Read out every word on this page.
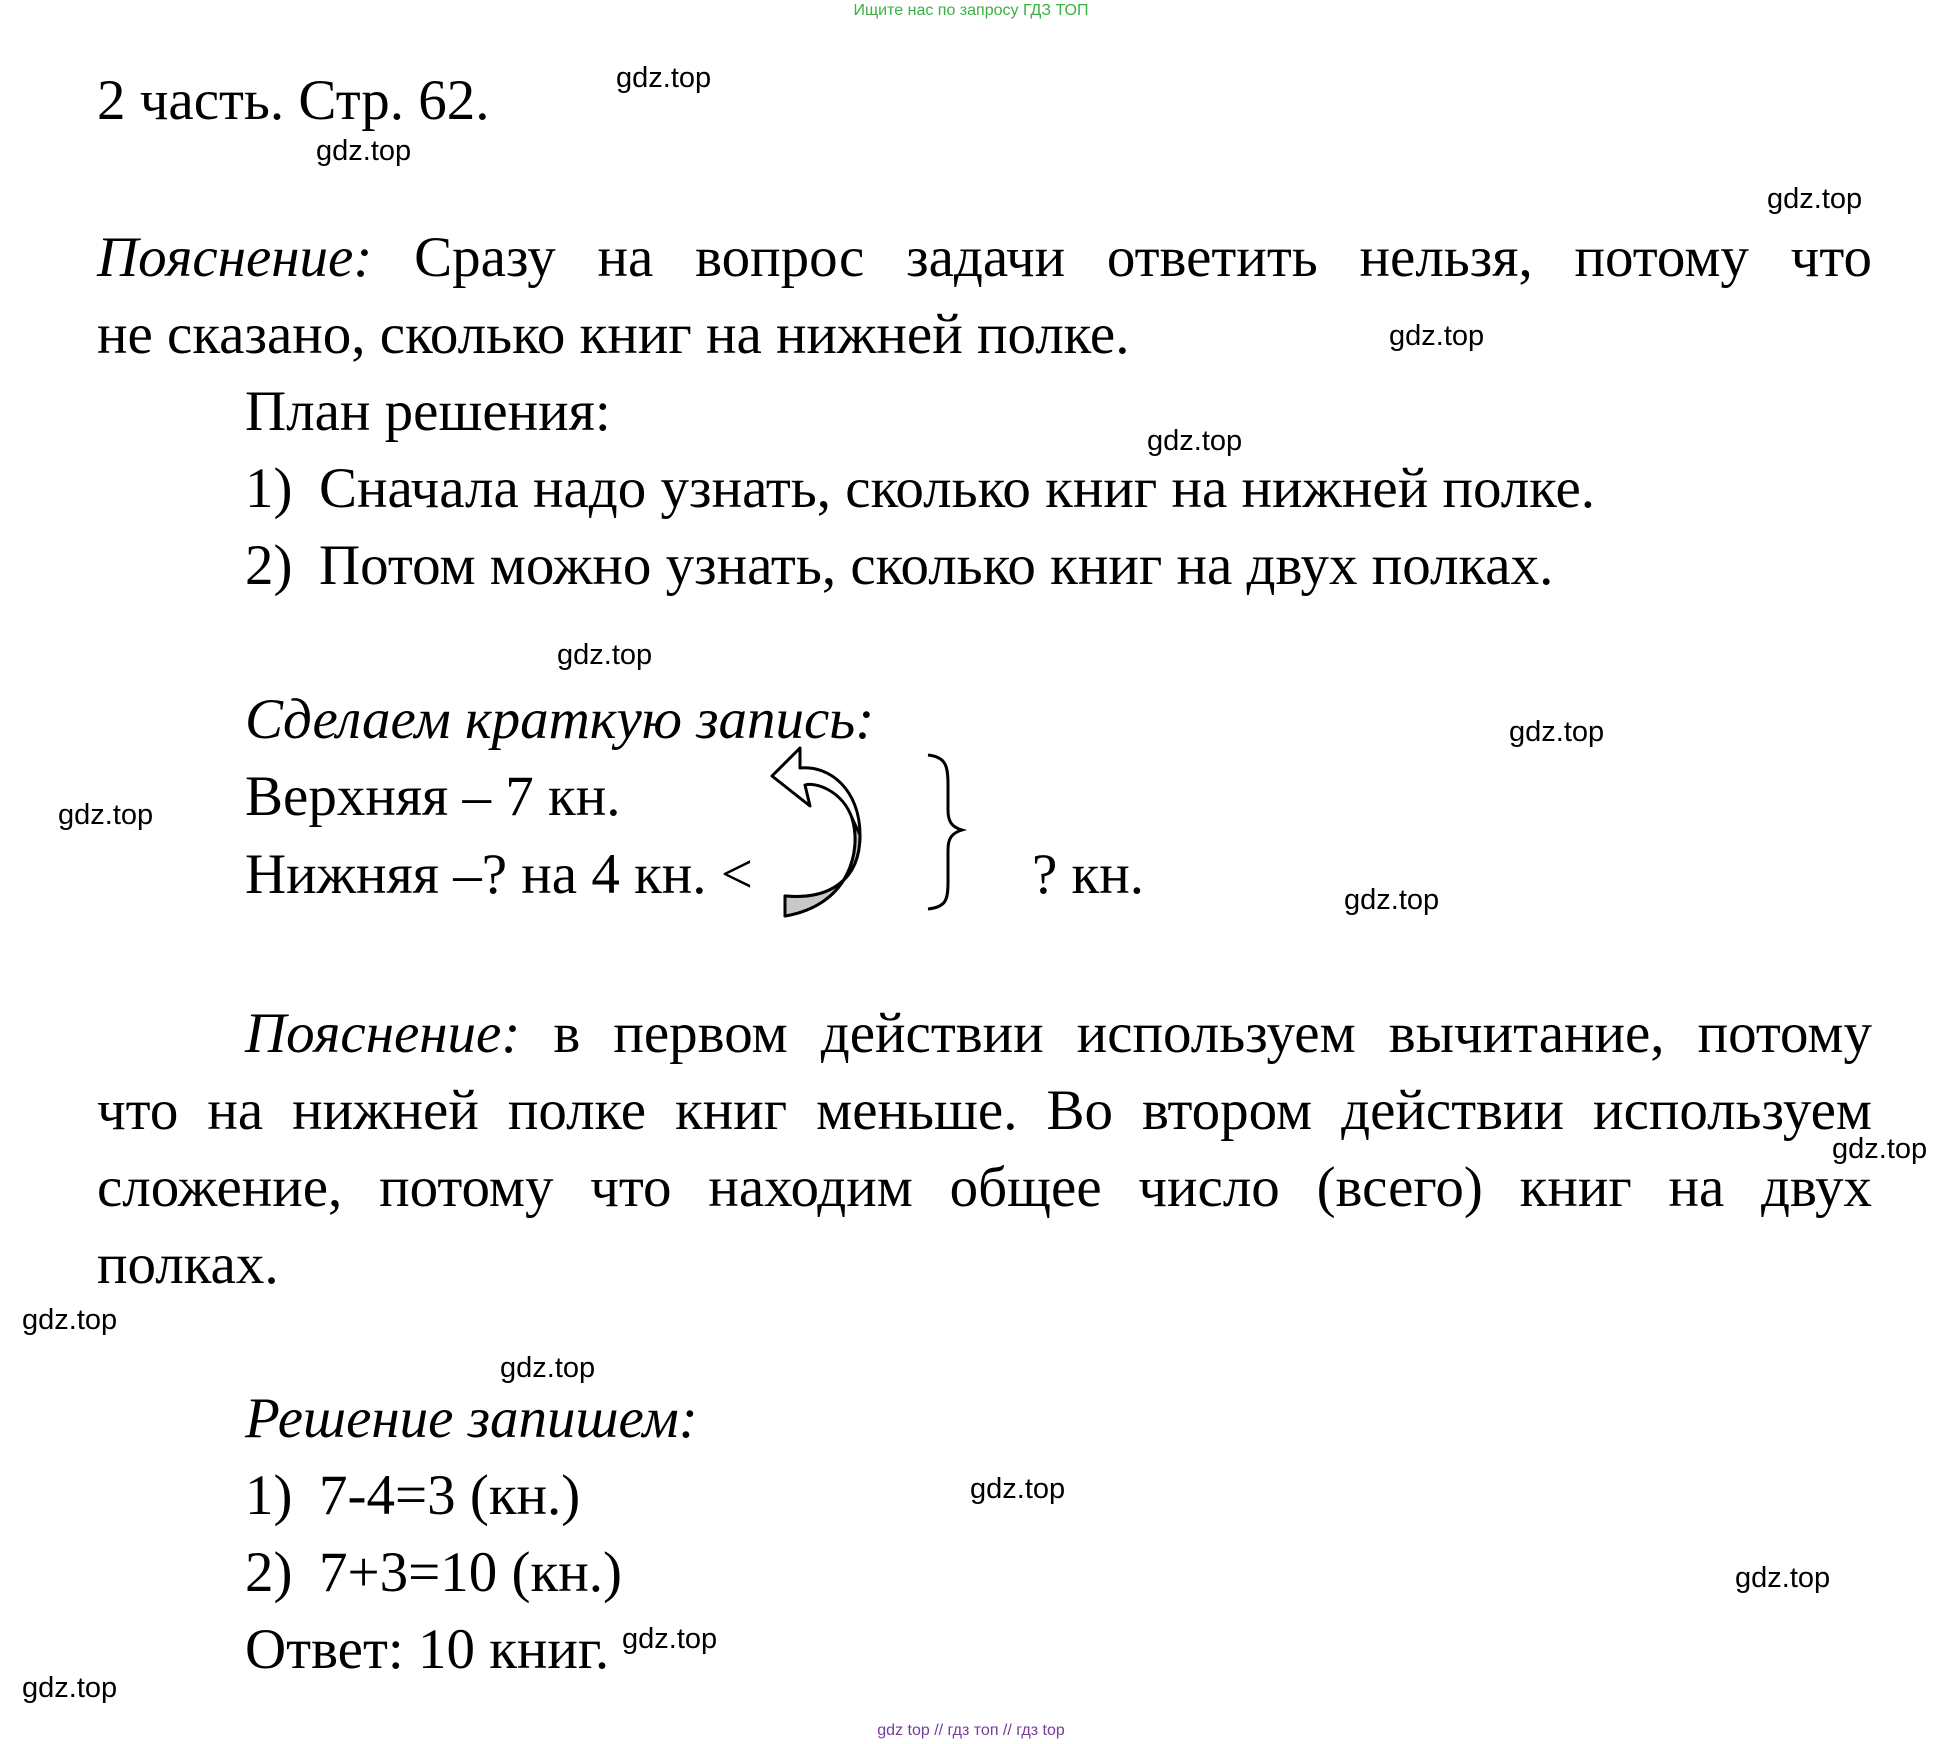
Ищите нас по запросу ГДЗ ТОП
2 часть. Стр. 62.
Пояснение: Сразу на вопрос задачи ответить нельзя, потому что
не сказано, сколько книг на нижней полке.
План решения:
1) Сначала надо узнать, сколько книг на нижней полке.
2) Потом можно узнать, сколько книг на двух полках.
Сделаем краткую запись:
Верхняя – 7 кн.
Нижняя –? на 4 кн. <	? кн.
Пояснение: в первом действии используем вычитание, потому
что на нижней полке книг меньше. Во втором действии используем
сложение, потому что находим общее число (всего) книг на двух
полках.
Решение запишем:
1) 7-4=3 (кн.)
2) 7+3=10 (кн.)
Ответ: 10 книг.
gdz.top
gdz.top
gdz.top
gdz.top
gdz.top
gdz.top
gdz.top
gdz.top
gdz.top
gdz.top
gdz.top
gdz.top
gdz.top
gdz.top
gdz.top
gdz.top
gdz top // гдз топ // гдз top
